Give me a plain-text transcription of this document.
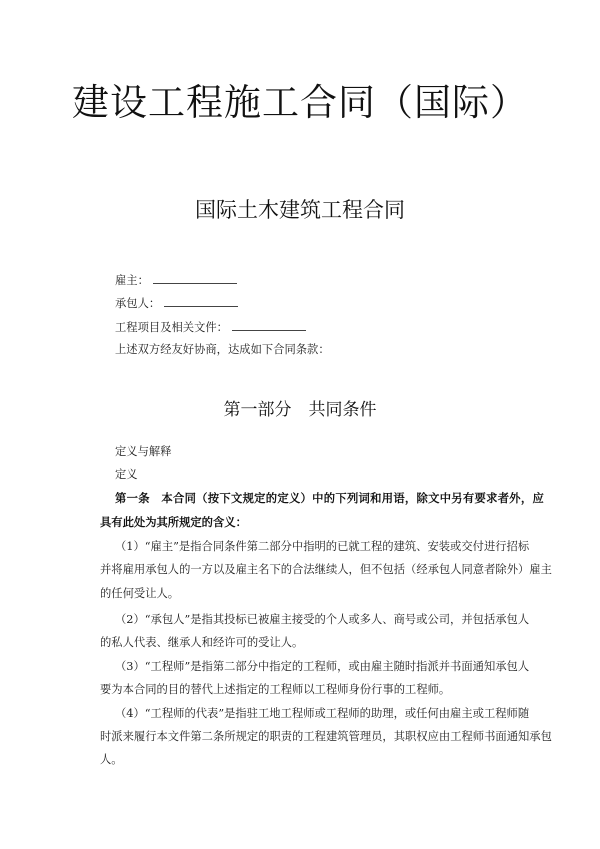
建设工程施工合同（国际）
国际土木建筑工程合同
雇主：
承包人：
工程项目及相关文件：
上述双方经友好协商，达成如下合同条款：
第一部分　共同条件
定义与解释
定义
第一条　本合同（按下文规定的定义）中的下列词和用语，除文中另有要求者外，应
具有此处为其所规定的含义：
（1）“雇主”是指合同条件第二部分中指明的已就工程的建筑、安装或交付进行招标
并将雇用承包人的一方以及雇主名下的合法继续人，但不包括（经承包人同意者除外）雇主
的任何受让人。
（2）“承包人”是指其投标已被雇主接受的个人或多人、商号或公司，并包括承包人
的私人代表、继承人和经许可的受让人。
（3）“工程师”是指第二部分中指定的工程师，或由雇主随时指派并书面通知承包人
要为本合同的目的替代上述指定的工程师以工程师身份行事的工程师。
（4）“工程师的代表”是指驻工地工程师或工程师的助理，或任何由雇主或工程师随
时派来履行本文件第二条所规定的职责的工程建筑管理员，其职权应由工程师书面通知承包
人。
